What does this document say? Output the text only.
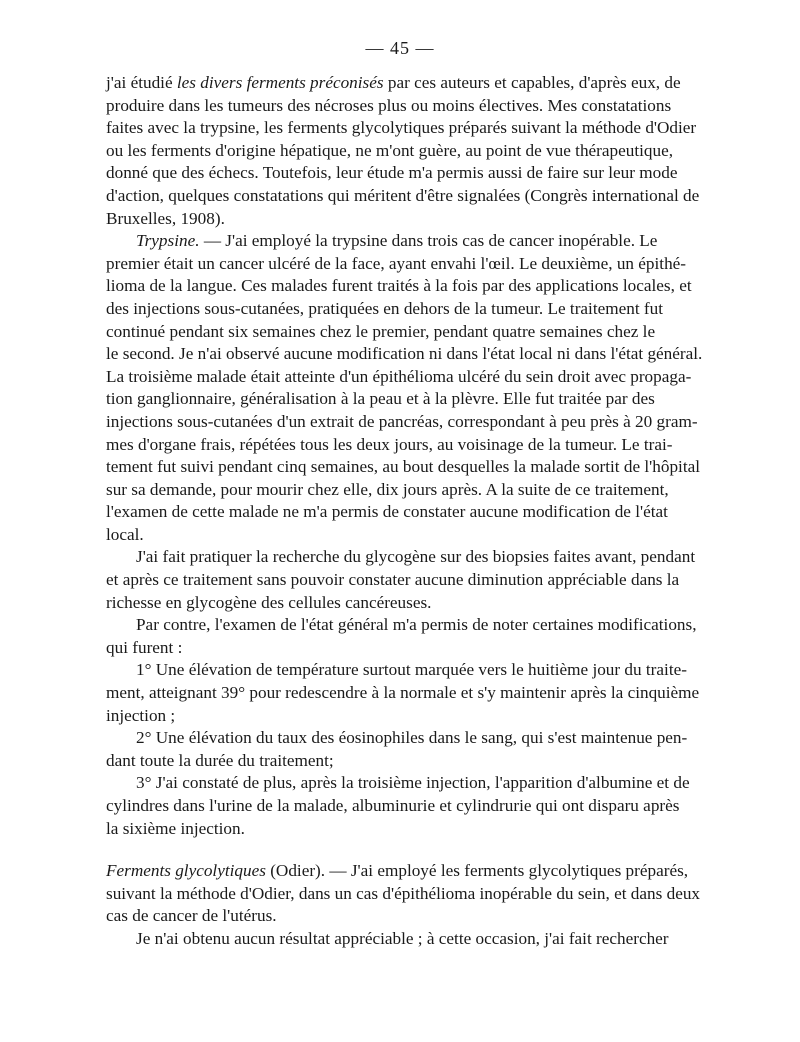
— 45 —

j'ai étudié les divers ferments préconisés par ces auteurs et capables, d'après eux, de
produire dans les tumeurs des nécroses plus ou moins électives. Mes constatations
faites avec la trypsine, les ferments glycolytiques préparés suivant la méthode d'Odier
ou les ferments d'origine hépatique, ne m'ont guère, au point de vue thérapeutique,
donné que des échecs. Toutefois, leur étude m'a permis aussi de faire sur leur mode
d'action, quelques constatations qui méritent d'être signalées (Congrès international de
Bruxelles, 1908).

Trypsine. — J'ai employé la trypsine dans trois cas de cancer inopérable. Le
premier était un cancer ulcéré de la face, ayant envahi l'œil. Le deuxième, un épithé-
lioma de la langue. Ces malades furent traités à la fois par des applications locales, et
des injections sous-cutanées, pratiquées en dehors de la tumeur. Le traitement fut
continué pendant six semaines chez le premier, pendant quatre semaines chez le
le second. Je n'ai observé aucune modification ni dans l'état local ni dans l'état général.
La troisième malade était atteinte d'un épithélioma ulcéré du sein droit avec propaga-
tion ganglionnaire, généralisation à la peau et à la plèvre. Elle fut traitée par des
injections sous-cutanées d'un extrait de pancréas, correspondant à peu près à 20 gram-
mes d'organe frais, répétées tous les deux jours, au voisinage de la tumeur. Le trai-
tement fut suivi pendant cinq semaines, au bout desquelles la malade sortit de l'hôpital
sur sa demande, pour mourir chez elle, dix jours après. A la suite de ce traitement,
l'examen de cette malade ne m'a permis de constater aucune modification de l'état
local.

J'ai fait pratiquer la recherche du glycogène sur des biopsies faites avant, pendant
et après ce traitement sans pouvoir constater aucune diminution appréciable dans la
richesse en glycogène des cellules cancéreuses.

Par contre, l'examen de l'état général m'a permis de noter certaines modifications,
qui furent :

1° Une élévation de température surtout marquée vers le huitième jour du traite-
ment, atteignant 39° pour redescendre à la normale et s'y maintenir après la cinquième
injection ;

2° Une élévation du taux des éosinophiles dans le sang, qui s'est maintenue pen-
dant toute la durée du traitement;

3° J'ai constaté de plus, après la troisième injection, l'apparition d'albumine et de
cylindres dans l'urine de la malade, albuminurie et cylindrurie qui ont disparu après
la sixième injection.

Ferments glycolytiques (Odier). — J'ai employé les ferments glycolytiques préparés,
suivant la méthode d'Odier, dans un cas d'épithélioma inopérable du sein, et dans deux
cas de cancer de l'utérus.

Je n'ai obtenu aucun résultat appréciable ; à cette occasion, j'ai fait rechercher
